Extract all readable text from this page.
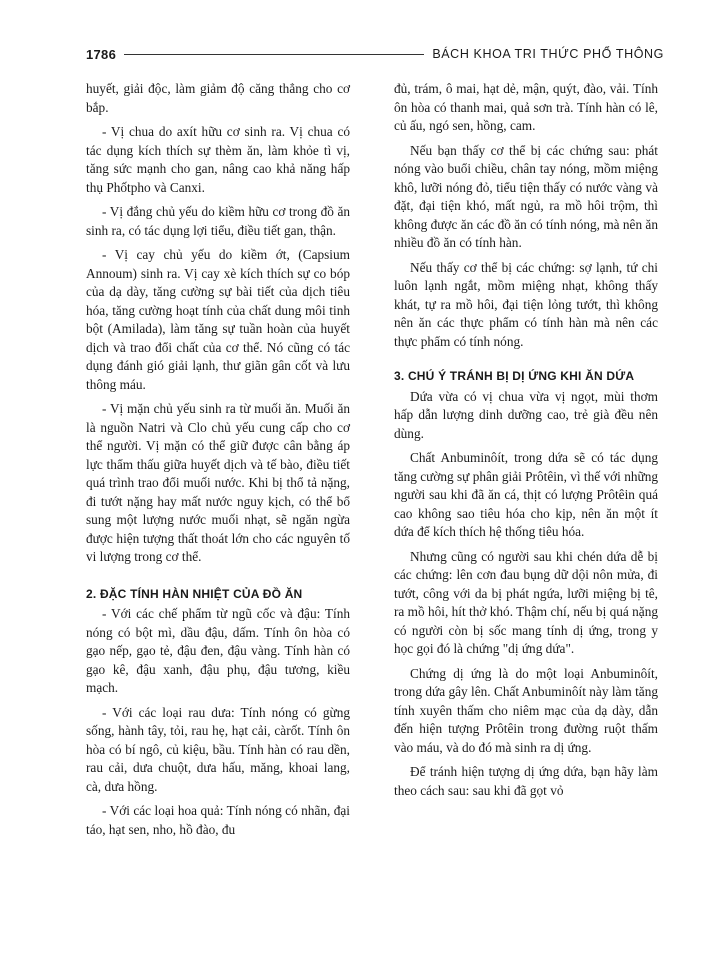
1786	BÁCH KHOA TRI THỨC PHỔ THÔNG

huyết, giải độc, làm giảm độ căng thẳng cho cơ bắp.

- Vị chua do axít hữu cơ sinh ra. Vị chua có tác dụng kích thích sự thèm ăn, làm khỏe tì vị, tăng sức mạnh cho gan, nâng cao khả năng hấp thụ Phốtpho và Canxi.

- Vị đắng chủ yếu do kiềm hữu cơ trong đồ ăn sinh ra, có tác dụng lợi tiểu, điều tiết gan, thận.

- Vị cay chủ yếu do kiềm ớt, (Capsium Annoum) sinh ra. Vị cay xè kích thích sự co bóp của dạ dày, tăng cường sự bài tiết của dịch tiêu hóa, tăng cường hoạt tính của chất dung môi tinh bột (Amilada), làm tăng sự tuần hoàn của huyết dịch và trao đổi chất của cơ thể. Nó cũng có tác dụng đánh gió giải lạnh, thư giãn gân cốt và lưu thông máu.

- Vị mặn chủ yếu sinh ra từ muối ăn. Muối ăn là nguồn Natri và Clo chủ yếu cung cấp cho cơ thể người. Vị mặn có thể giữ được cân bằng áp lực thẩm thấu giữa huyết dịch và tế bào, điều tiết quá trình trao đổi muối nước. Khi bị thổ tả nặng, đi tướt nặng hay mất nước nguy kịch, có thể bổ sung một lượng nước muối nhạt, sẽ ngăn ngừa được hiện tượng thất thoát lớn cho các nguyên tố vi lượng trong cơ thể.

2. ĐẶC TÍNH HÀN NHIỆT CỦA ĐỒ ĂN

- Với các chế phẩm từ ngũ cốc và đậu: Tính nóng có bột mì, dầu đậu, dấm. Tính ôn hòa có gạo nếp, gạo tẻ, đậu đen, đậu vàng. Tính hàn có gạo kê, đậu xanh, đậu phụ, đậu tương, kiều mạch.

- Với các loại rau dưa: Tính nóng có gừng sống, hành tây, tỏi, rau hẹ, hạt cải, càrốt. Tính ôn hòa có bí ngô, củ kiệu, bầu. Tính hàn có rau dền, rau cải, dưa chuột, dưa hấu, măng, khoai lang, cà, dưa hồng.

- Với các loại hoa quả: Tính nóng có nhãn, đại táo, hạt sen, nho, hồ đào, đu

đủ, trám, ô mai, hạt dẻ, mận, quýt, đào, vải. Tính ôn hòa có thanh mai, quả sơn trà. Tính hàn có lê, củ ấu, ngó sen, hồng, cam.

Nếu bạn thấy cơ thể bị các chứng sau: phát nóng vào buổi chiều, chân tay nóng, mồm miệng khô, lưỡi nóng đỏ, tiểu tiện thấy có nước vàng và đặt, đại tiện khó, mất ngủ, ra mồ hôi trộm, thì không được ăn các đồ ăn có tính nóng, mà nên ăn nhiều đồ ăn có tính hàn.

Nếu thấy cơ thể bị các chứng: sợ lạnh, tứ chi luôn lạnh ngắt, mồm miệng nhạt, không thấy khát, tự ra mồ hôi, đại tiện lỏng tướt, thì không nên ăn các thực phẩm có tính hàn mà nên các thực phẩm có tính nóng.

3. CHÚ Ý TRÁNH BỊ DỊ ỨNG KHI ĂN DỨA

Dứa vừa có vị chua vừa vị ngọt, mùi thơm hấp dẫn lượng dinh dưỡng cao, trẻ già đều nên dùng.

Chất Anbuminôít, trong dứa sẽ có tác dụng tăng cường sự phân giải Prôtêin, vì thế với những người sau khi đã ăn cá, thịt có lượng Prôtêin quá cao không sao tiêu hóa cho kịp, nên ăn một ít dứa để kích thích hệ thống tiêu hóa.

Nhưng cũng có người sau khi chén dứa dễ bị các chứng: lên cơn đau bụng dữ dội nôn mửa, đi tướt, công với da bị phát ngứa, lưỡi miệng bị tê, ra mồ hôi, hít thở khó. Thậm chí, nếu bị quá nặng có người còn bị sốc mang tính dị ứng, trong y học gọi đó là chứng "dị ứng dứa".

Chứng dị ứng là do một loại Anbuminôít, trong dứa gây lên. Chất Anbuminôít này làm tăng tính xuyên thấm cho niêm mạc của dạ dày, dẫn đến hiện tượng Prôtêin trong đường ruột thấm vào máu, và do đó mà sinh ra dị ứng.

Để tránh hiện tượng dị ứng dứa, bạn hãy làm theo cách sau: sau khi đã gọt vỏ
